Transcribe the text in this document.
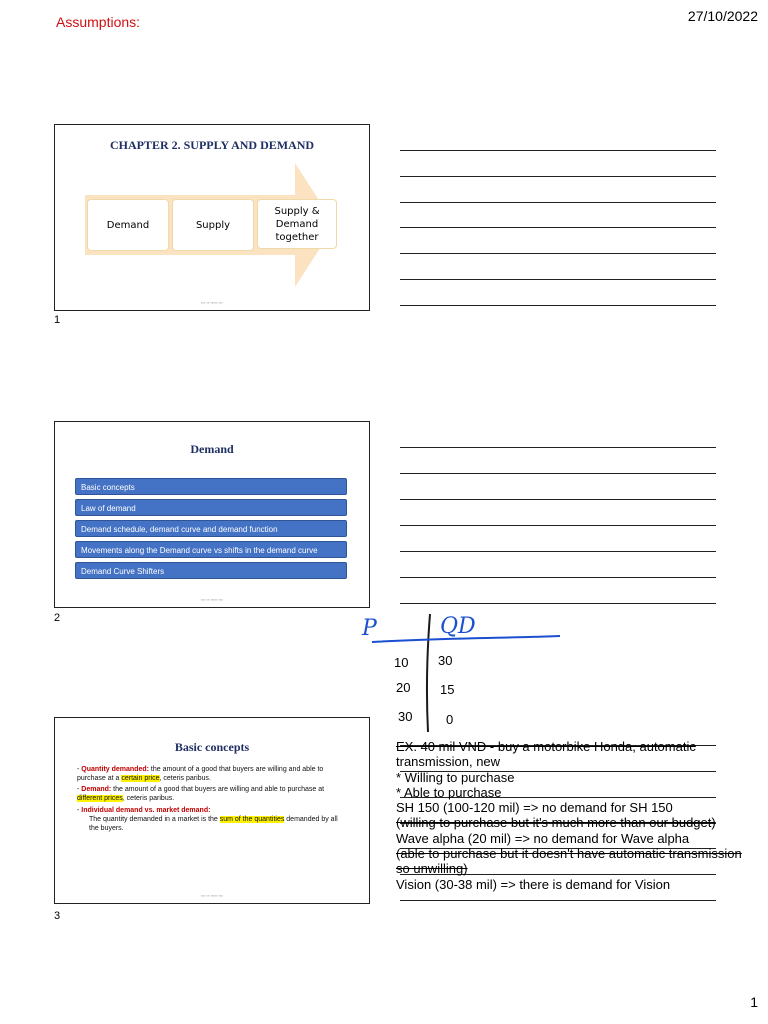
Assumptions:	27/10/2022
CHAPTER 2. SUPPLY AND DEMAND
Demand	Supply
Supply & Demand together
▪▪▪ ▪▪ ▪▪▪▪▪ ▪▪▪
1
Demand
Basic concepts
Law of demand
Demand schedule, demand curve and demand function
Movements along the Demand curve vs shifts in the demand curve
Demand Curve Shifters
▪▪▪ ▪▪ ▪▪▪▪▪ ▪▪▪
2
Basic concepts
- Quantity demanded: the amount of a good that buyers are willing and able to purchase at a certain price, ceteris paribus.
- Demand: the amount of a good that buyers are willing and able to purchase at different prices, ceteris paribus.
- Individual demand vs. market demand:
The quantity demanded in a market is the sum of the quantities demanded by all the buyers.
▪▪▪ ▪▪ ▪▪▪▪▪ ▪▪▪
3
P	QD
10 30
20 15
30	0
EX. 40 mil VND - buy a motorbike Honda, automatic
transmission, new
* Willing to purchase
* Able to purchase
SH 150 (100-120 mil) => no demand for SH 150
(willing to purchase but it's much more than our budget)
Wave alpha (20 mil) => no demand for Wave alpha
(able to purchase but it doesn't have automatic transmission
so unwilling)
Vision (30-38 mil) => there is demand for Vision
1
